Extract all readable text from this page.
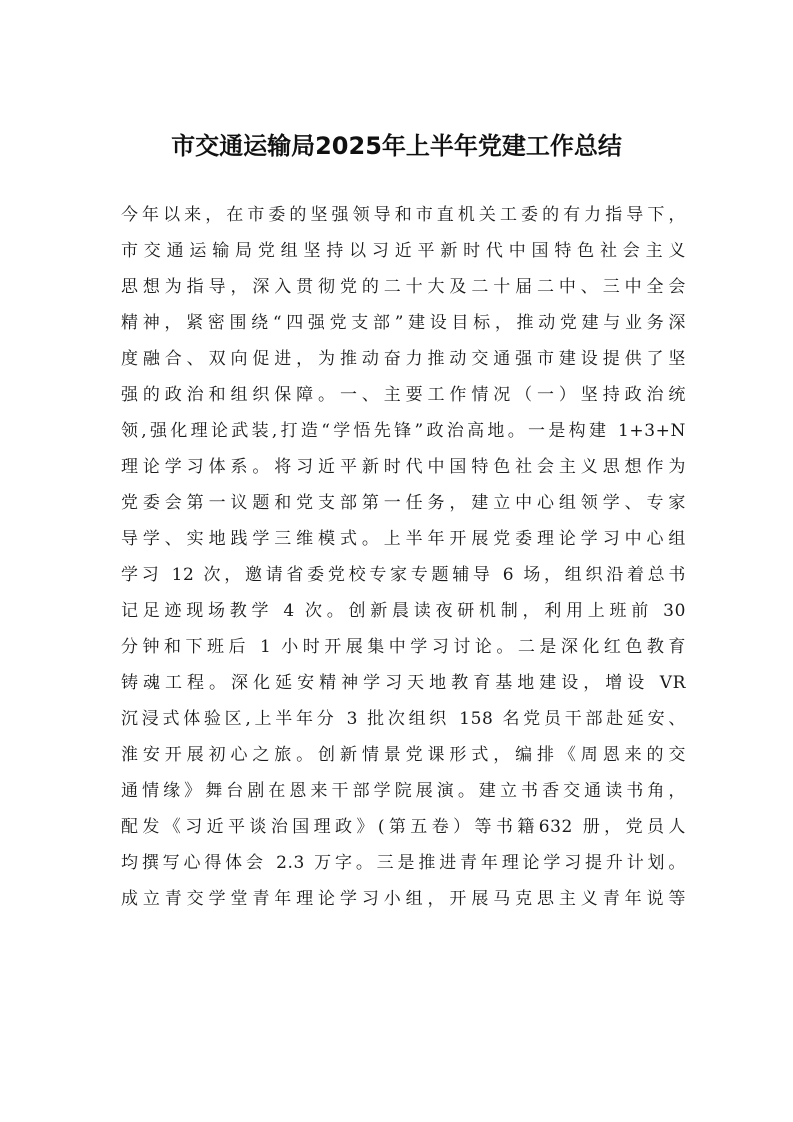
市交通运输局2025年上半年党建工作总结
今年以来，在市委的坚强领导和市直机关工委的有力指导下，
市交通运输局党组坚持以习近平新时代中国特色社会主义
思想为指导，深入贯彻党的二十大及二十届二中、三中全会
精神，紧密围绕“四强党支部”建设目标，推动党建与业务深
度融合、双向促进，为推动奋力推动交通强市建设提供了坚
强的政治和组织保障。一、主要工作情况（一）坚持政治统
领,强化理论武装,打造“学悟先锋”政治高地。一是构建 1+3+N
理论学习体系。将习近平新时代中国特色社会主义思想作为
党委会第一议题和党支部第一任务，建立中心组领学、专家
导学、实地践学三维模式。上半年开展党委理论学习中心组
学习 12 次，邀请省委党校专家专题辅导 6 场，组织沿着总书
记足迹现场教学 4 次。创新晨读夜研机制，利用上班前 30
分钟和下班后 1 小时开展集中学习讨论。二是深化红色教育
铸魂工程。深化延安精神学习天地教育基地建设，增设 VR
沉浸式体验区,上半年分 3 批次组织 158 名党员干部赴延安、
淮安开展初心之旅。创新情景党课形式，编排《周恩来的交
通情缘》舞台剧在恩来干部学院展演。建立书香交通读书角，
配发《习近平谈治国理政》(第五卷）等书籍632 册，党员人
均撰写心得体会 2.3 万字。三是推进青年理论学习提升计划。
成立青交学堂青年理论学习小组，开展马克思主义青年说等
